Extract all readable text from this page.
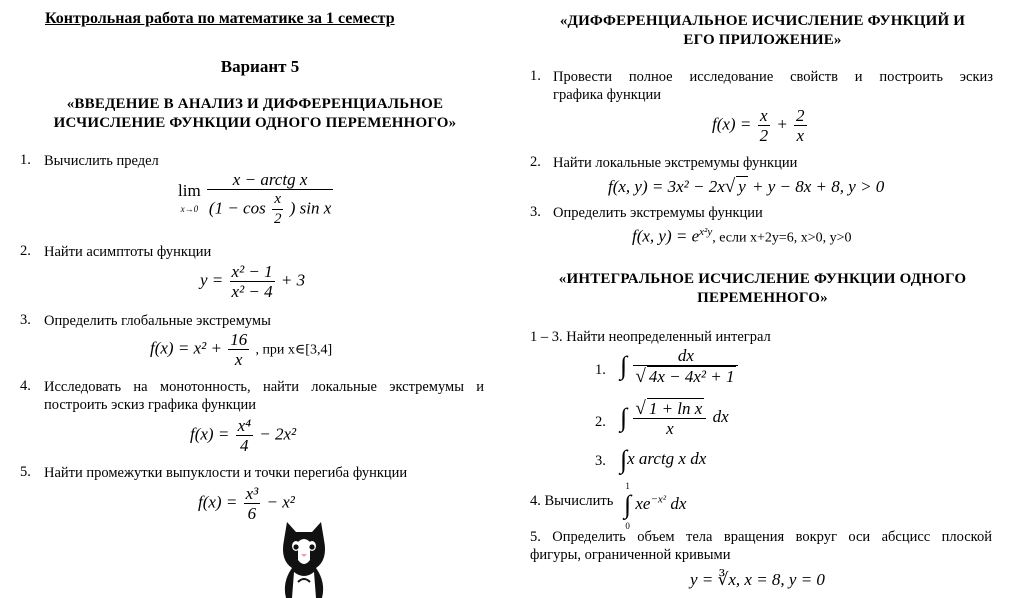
Контрольная работа по математике за 1 семестр
Вариант 5
«ВВЕДЕНИЕ В АНАЛИЗ И ДИФФЕРЕНЦИАЛЬНОЕ
ИСЧИСЛЕНИЕ ФУНКЦИИ ОДНОГО ПЕРЕМЕННОГО»
1. Вычислить предел
lim
$x\to 0 \frac{\text{x − arctg x}}{(1 - \cos \frac{x}{2} ) \sin x}$
2. Найти асимптоты функции
$y = \frac{\text{x² − 1}}{\text{x² − 4}} + 3$
3. Определить глобальные экстремумы
$f(x) = x^2 + \frac{16}{x}$ , при x∈[3,4]
4. Исследовать на монотонность, найти локальные экстремумы и
построить эскиз графика функции
$f(x) = \frac{\text{x⁴}}{4} - 2x^2$
5. Найти промежутки выпуклости и точки перегиба функции
$f(x) = \frac{\text{x³}}{6} - x^2$
«ДИФФЕРЕНЦИАЛЬНОЕ ИСЧИСЛЕНИЕ ФУНКЦИЙ И
ЕГО ПРИЛОЖЕНИЕ»
1. Провести полное исследование свойств и построить эскиз
графика функции
$f(x) = \frac{x}{2} + \frac{2}{x}$
2. Найти локальные экстремумы функции
f(x, y) = 3x² − 2x√ y + y − 8x + 8, y > 0
3. Определить экстремумы функции
f(x, $y) = e^{x^2y}$, если x+2y=6, x>0, y>0
«ИНТЕГРАЛЬНОЕ ИСЧИСЛЕНИЕ ФУНКЦИИ ОДНОГО
ПЕРЕМЕННОГО»
1 – 3. Найти неопределенный интеграл
1. ∫ $\frac{dx}{\text{√ 4x − 4x² + 1}}$
2. ∫ $\frac{\text{√ 1 + ln x}}{x}$ dx
3. ∫x arctg x dx
4. Вычислить
1
∫
0 $xe^{-x^2}$ dx
5. Определить объем тела вращения вокруг оси абсцисс плоской
фигуры, ограниченной кривыми
y = ∛x, x = 8, y = 0
